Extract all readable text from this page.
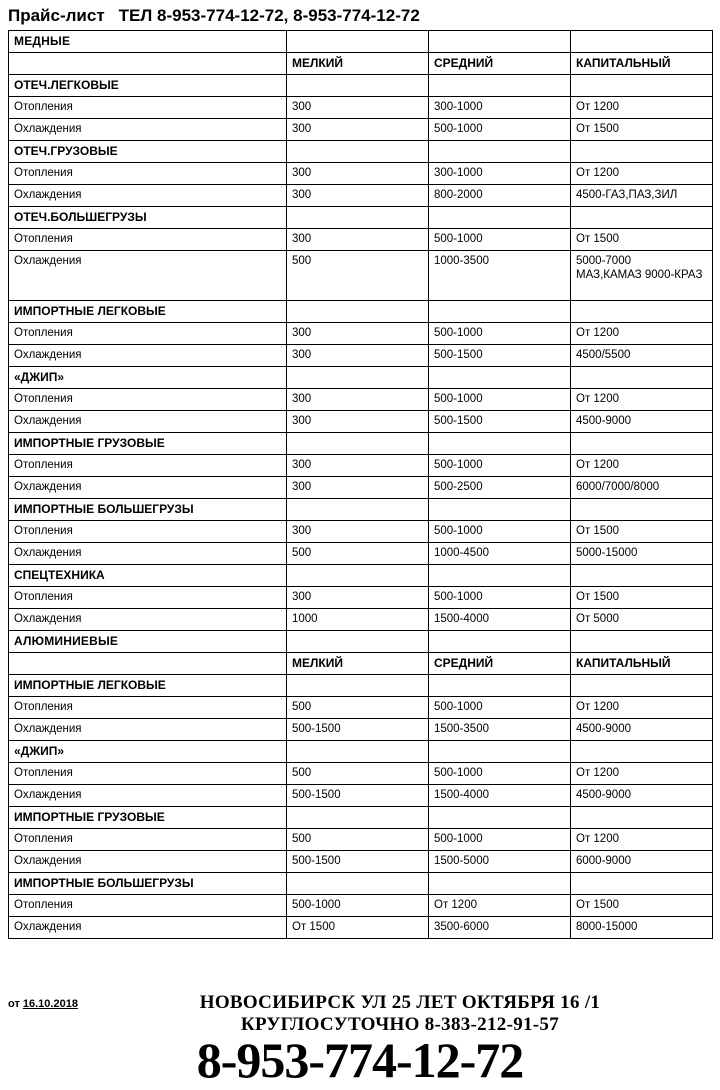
Прайс-лист ТЕЛ 8-953-774-12-72, 8-953-774-12-72
МЕДНЫЕ			
	МЕЛКИЙ	СРЕДНИЙ	КАПИТАЛЬНЫЙ
ОТЕЧ.ЛЕГКОВЫЕ			
Отопления	300	300-1000	От 1200
Охлаждения	300	500-1000	От 1500
ОТЕЧ.ГРУЗОВЫЕ			
Отопления	300	300-1000	От 1200
Охлаждения	300	800-2000	4500-ГАЗ,ПАЗ,ЗИЛ
ОТЕЧ.БОЛЬШЕГРУЗЫ			
Отопления	300	500-1000	От 1500
Охлаждения	500	1000-3500	5000-7000
МАЗ,КАМАЗ 9000-КРАЗ
ИМПОРТНЫЕ ЛЕГКОВЫЕ			
Отопления	300	500-1000	От 1200
Охлаждения	300	500-1500	4500/5500
«ДЖИП»			
Отопления	300	500-1000	От 1200
Охлаждения	300	500-1500	4500-9000
ИМПОРТНЫЕ ГРУЗОВЫЕ			
Отопления	300	500-1000	От 1200
Охлаждения	300	500-2500	6000/7000/8000
ИМПОРТНЫЕ БОЛЬШЕГРУЗЫ			
Отопления	300	500-1000	От 1500
Охлаждения	500	1000-4500	5000-15000
СПЕЦТЕХНИКА			
Отопления	300	500-1000	От 1500
Охлаждения	1000	1500-4000	От 5000
АЛЮМИНИЕВЫЕ			
	МЕЛКИЙ	СРЕДНИЙ	КАПИТАЛЬНЫЙ
ИМПОРТНЫЕ ЛЕГКОВЫЕ			
Отопления	500	500-1000	От 1200
Охлаждения	500-1500	1500-3500	4500-9000
«ДЖИП»			
Отопления	500	500-1000	От 1200
Охлаждения	500-1500	1500-4000	4500-9000
ИМПОРТНЫЕ ГРУЗОВЫЕ			
Отопления	500	500-1000	От 1200
Охлаждения	500-1500	1500-5000	6000-9000
ИМПОРТНЫЕ БОЛЬШЕГРУЗЫ			
Отопления	500-1000	От 1200	От 1500
Охлаждения	От 1500	3500-6000	8000-15000
от 16.10.2018	НОВОСИБИРСК УЛ 25 ЛЕТ ОКТЯБРЯ 16 /1
КРУГЛОСУТОЧНО 8-383-212-91-57
8-953-774-12-72
